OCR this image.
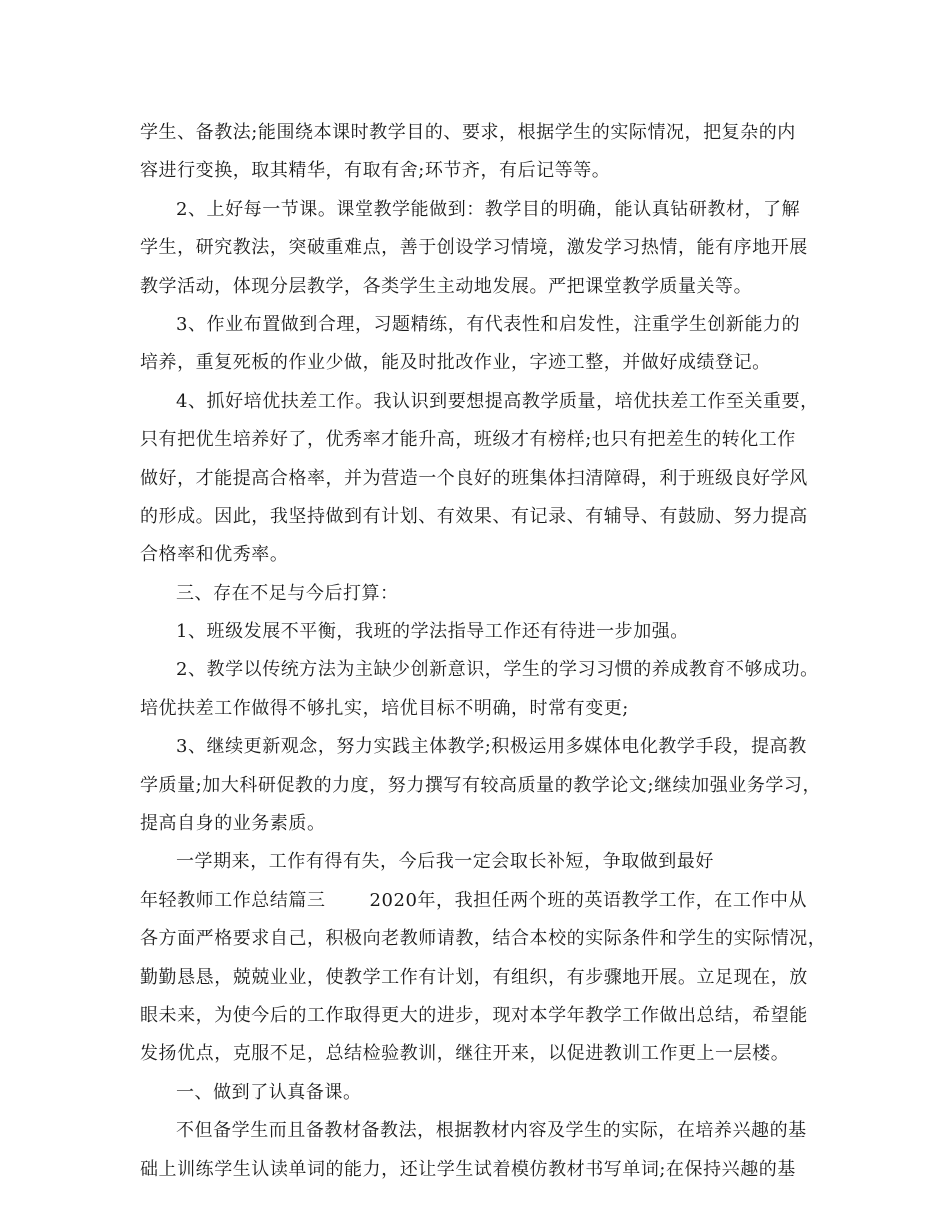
学生、备教法;能围绕本课时教学目的、要求，根据学生的实际情况，把复杂的内
容进行变换，取其精华，有取有舍;环节齐，有后记等等。
2、上好每一节课。课堂教学能做到：教学目的明确，能认真钻研教材，了解
学生，研究教法，突破重难点，善于创设学习情境，激发学习热情，能有序地开展
教学活动，体现分层教学，各类学生主动地发展。严把课堂教学质量关等。
3、作业布置做到合理，习题精练，有代表性和启发性，注重学生创新能力的
培养，重复死板的作业少做，能及时批改作业，字迹工整，并做好成绩登记。
4、抓好培优扶差工作。我认识到要想提高教学质量，培优扶差工作至关重要，
只有把优生培养好了，优秀率才能升高，班级才有榜样;也只有把差生的转化工作
做好，才能提高合格率，并为营造一个良好的班集体扫清障碍，利于班级良好学风
的形成。因此，我坚持做到有计划、有效果、有记录、有辅导、有鼓励、努力提高
合格率和优秀率。
三、存在不足与今后打算：
1、班级发展不平衡，我班的学法指导工作还有待进一步加强。
2、教学以传统方法为主缺少创新意识，学生的学习习惯的养成教育不够成功。
培优扶差工作做得不够扎实，培优目标不明确，时常有变更;
3、继续更新观念，努力实践主体教学;积极运用多媒体电化教学手段，提高教
学质量;加大科研促教的力度，努力撰写有较高质量的教学论文;继续加强业务学习，
提高自身的业务素质。
一学期来，工作有得有失，今后我一定会取长补短，争取做到最好
年轻教师工作总结篇三 2020年，我担任两个班的英语教学工作，在工作中从
各方面严格要求自己，积极向老教师请教，结合本校的实际条件和学生的实际情况，
勤勤恳恳，兢兢业业，使教学工作有计划，有组织，有步骤地开展。立足现在，放
眼未来，为使今后的工作取得更大的进步，现对本学年教学工作做出总结，希望能
发扬优点，克服不足，总结检验教训，继往开来，以促进教训工作更上一层楼。
一、做到了认真备课。
不但备学生而且备教材备教法，根据教材内容及学生的实际，在培养兴趣的基
础上训练学生认读单词的能力，还让学生试着模仿教材书写单词;在保持兴趣的基
